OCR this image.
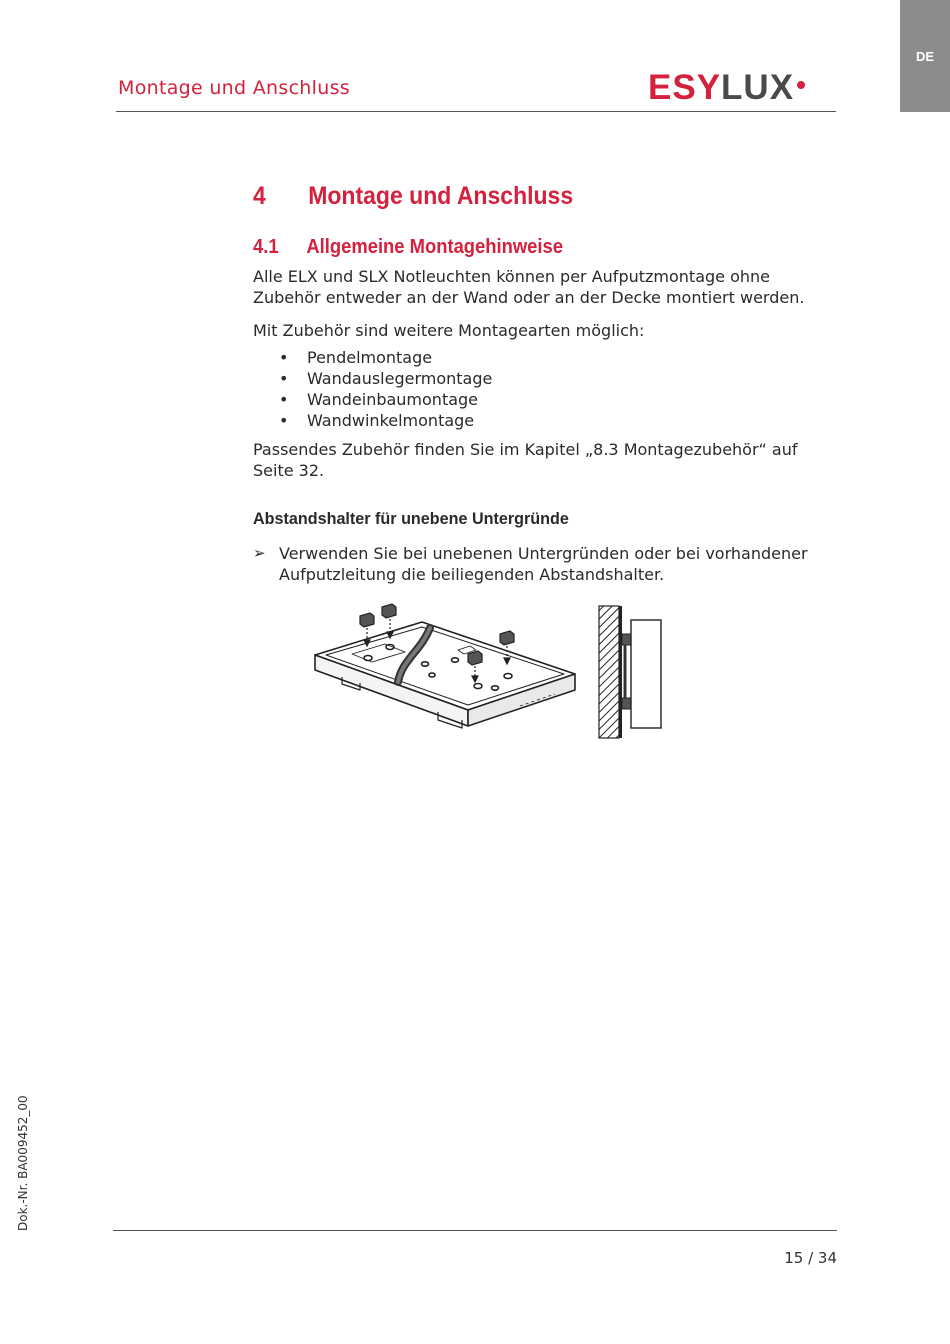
DE
Montage und Anschluss	ESYLUX
4	Montage und Anschluss
4.1	Allgemeine Montagehinweise

Alle ELX und SLX Notleuchten können per Aufputzmontage ohne Zubehör entweder an der Wand oder an der Decke montiert werden.

Mit Zubehör sind weitere Montagearten möglich:

•	Pendelmontage
•	Wandauslegermontage
•	Wandeinbaumontage
•	Wandwinkelmontage

Passendes Zubehör finden Sie im Kapitel „8.3 Montagezubehör“ auf Seite 32.

Abstandshalter für unebene Untergründe
➢ Verwenden Sie bei unebenen Untergründen oder bei vorhandener Aufputzleitung die beiliegenden Abstandshalter.

Dok.-Nr. BA009452_00
15 / 34
